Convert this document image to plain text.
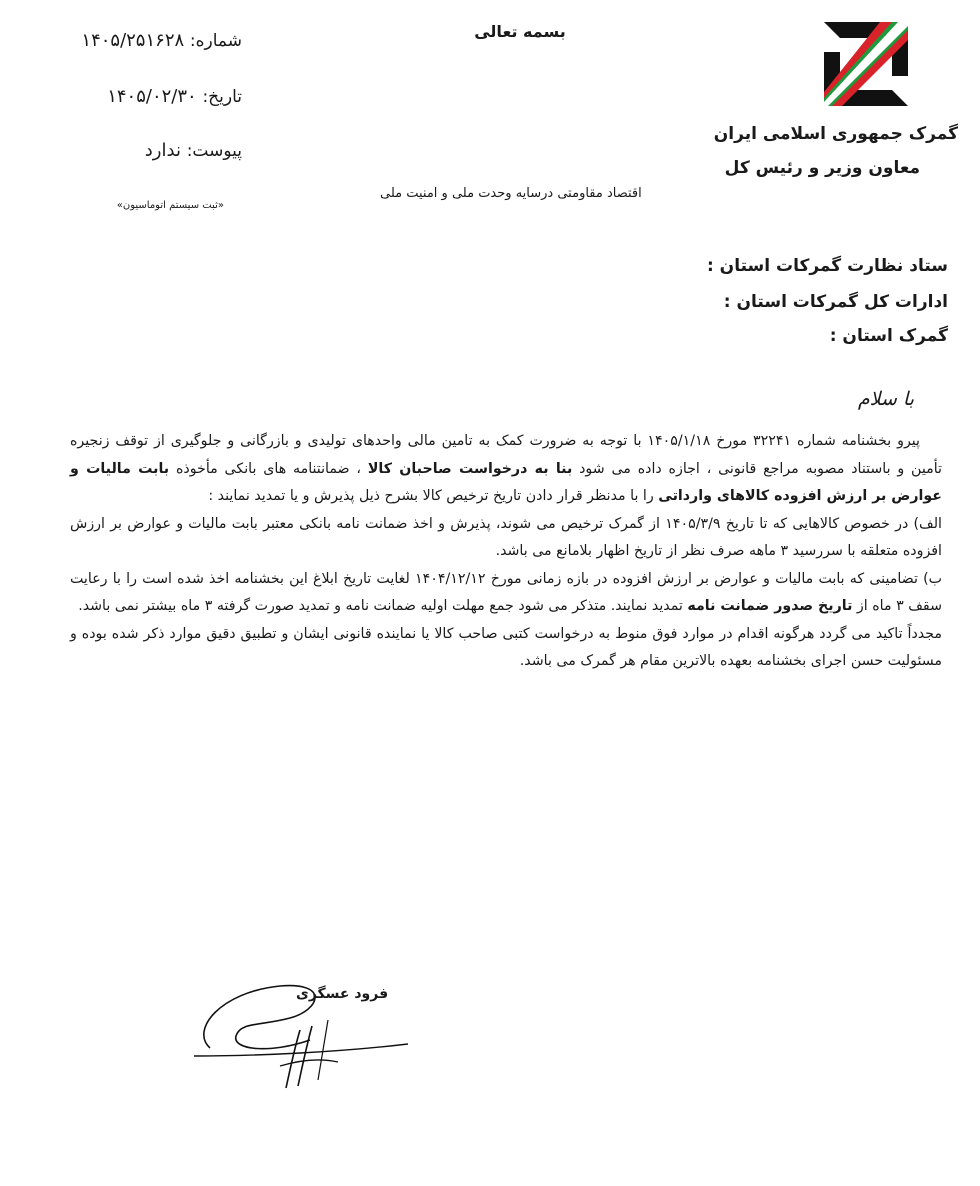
بسمه تعالی
گمرک جمهوری اسلامی ایران
معاون وزیر و رئیس کل
شماره: ۱۴۰۵/۲۵۱۶۲۸
تاریخ: ۱۴۰۵/۰۲/۳۰
پیوست: ندارد
«ثبت سیستم اتوماسیون»
اقتصاد مقاومتی درسایه وحدت ملی و امنیت ملی
ستاد نظارت گمرکات استان :
ادارات کل گمرکات استان :
گمرک استان :
با سلام

پیرو بخشنامه شماره ۳۲۲۴۱ مورخ ۱۴۰۵/۱/۱۸ با توجه به ضرورت کمک به تامین مالی واحدهای تولیدی و بازرگانی و جلوگیری از توقف زنجیره تأمین و باستناد مصوبه مراجع قانونی ، اجازه داده می شود بنا به درخواست صاحبان کالا ، ضمانتنامه های بانکی مأخوذه بابت مالیات و عوارض بر ارزش افزوده کالاهای وارداتی را با مدنظر قرار دادن تاریخ ترخیص کالا بشرح ذیل پذیرش و یا تمدید نمایند :

الف) در خصوص کالاهایی که تا تاریخ ۱۴۰۵/۳/۹ از گمرک ترخیص می شوند، پذیرش و اخذ ضمانت نامه بانکی معتبر بابت مالیات و عوارض بر ارزش افزوده متعلقه با سررسید ۳ ماهه صرف نظر از تاریخ اظهار بلامانع می باشد.

ب) تضامینی که بابت مالیات و عوارض بر ارزش افزوده در بازه زمانی مورخ ۱۴۰۴/۱۲/۱۲ لغایت تاریخ ابلاغ این بخشنامه اخذ شده است را با رعایت سقف ۳ ماه از تاریخ صدور ضمانت نامه تمدید نمایند. متذکر می شود جمع مهلت اولیه ضمانت نامه و تمدید صورت گرفته ۳ ماه بیشتر نمی باشد.

مجدداً تاکید می گردد هرگونه اقدام در موارد فوق منوط به درخواست کتبی صاحب کالا یا نماینده قانونی ایشان و تطبیق دقیق موارد ذکر شده بوده و مسئولیت حسن اجرای بخشنامه بعهده بالاترین مقام هر گمرک می باشد.

فرود عسگری
